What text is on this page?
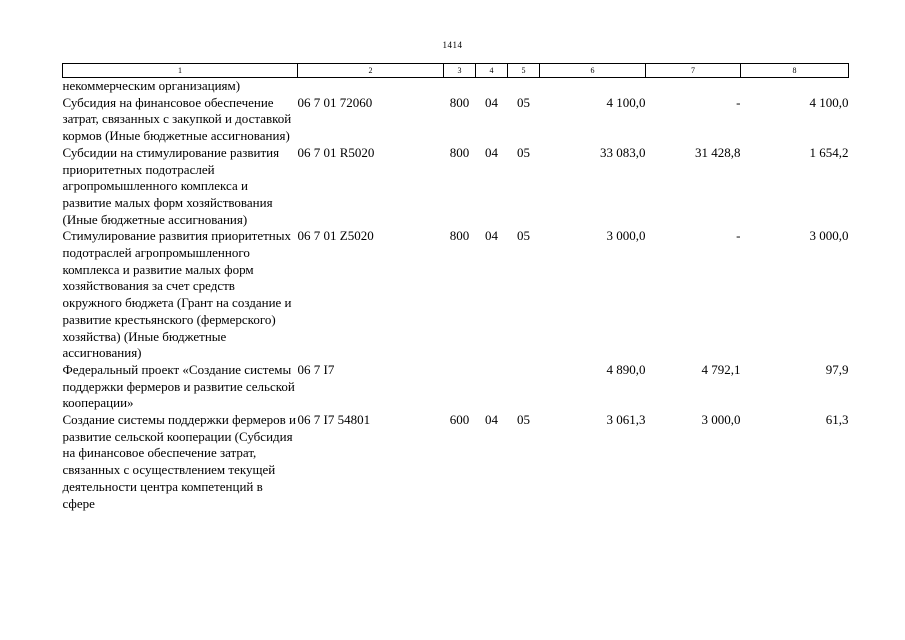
1414
1	2	3	4	5	6	7	8
некоммерческим организациям)							
Субсидия на финансовое обеспечение затрат, связанных с закупкой и доставкой кормов (Иные бюджетные ассигнования)	06 7 01 72060	800	04	05	4 100,0	-	4 100,0
Субсидии на стимулирование развития приоритетных подотраслей агропромышленного комплекса и развитие малых форм хозяйствования (Иные бюджетные ассигнования)	06 7 01 R5020	800	04	05	33 083,0	31 428,8	1 654,2
Стимулирование развития приоритетных подотраслей агропромышленного комплекса и развитие малых форм хозяйствования за счет средств окружного бюджета (Грант на создание и развитие крестьянского (фермерского) хозяйства) (Иные бюджетные ассигнования)	06 7 01 Z5020	800	04	05	3 000,0	-	3 000,0
Федеральный проект «Создание системы поддержки фермеров и развитие сельской кооперации»	06 7 I7				4 890,0	4 792,1	97,9
Создание системы поддержки фермеров и развитие сельской кооперации (Субсидия на финансовое обеспечение затрат, связанных с осуществлением текущей деятельности центра компетенций в сфере	06 7 I7 54801	600	04	05	3 061,3	3 000,0	61,3
